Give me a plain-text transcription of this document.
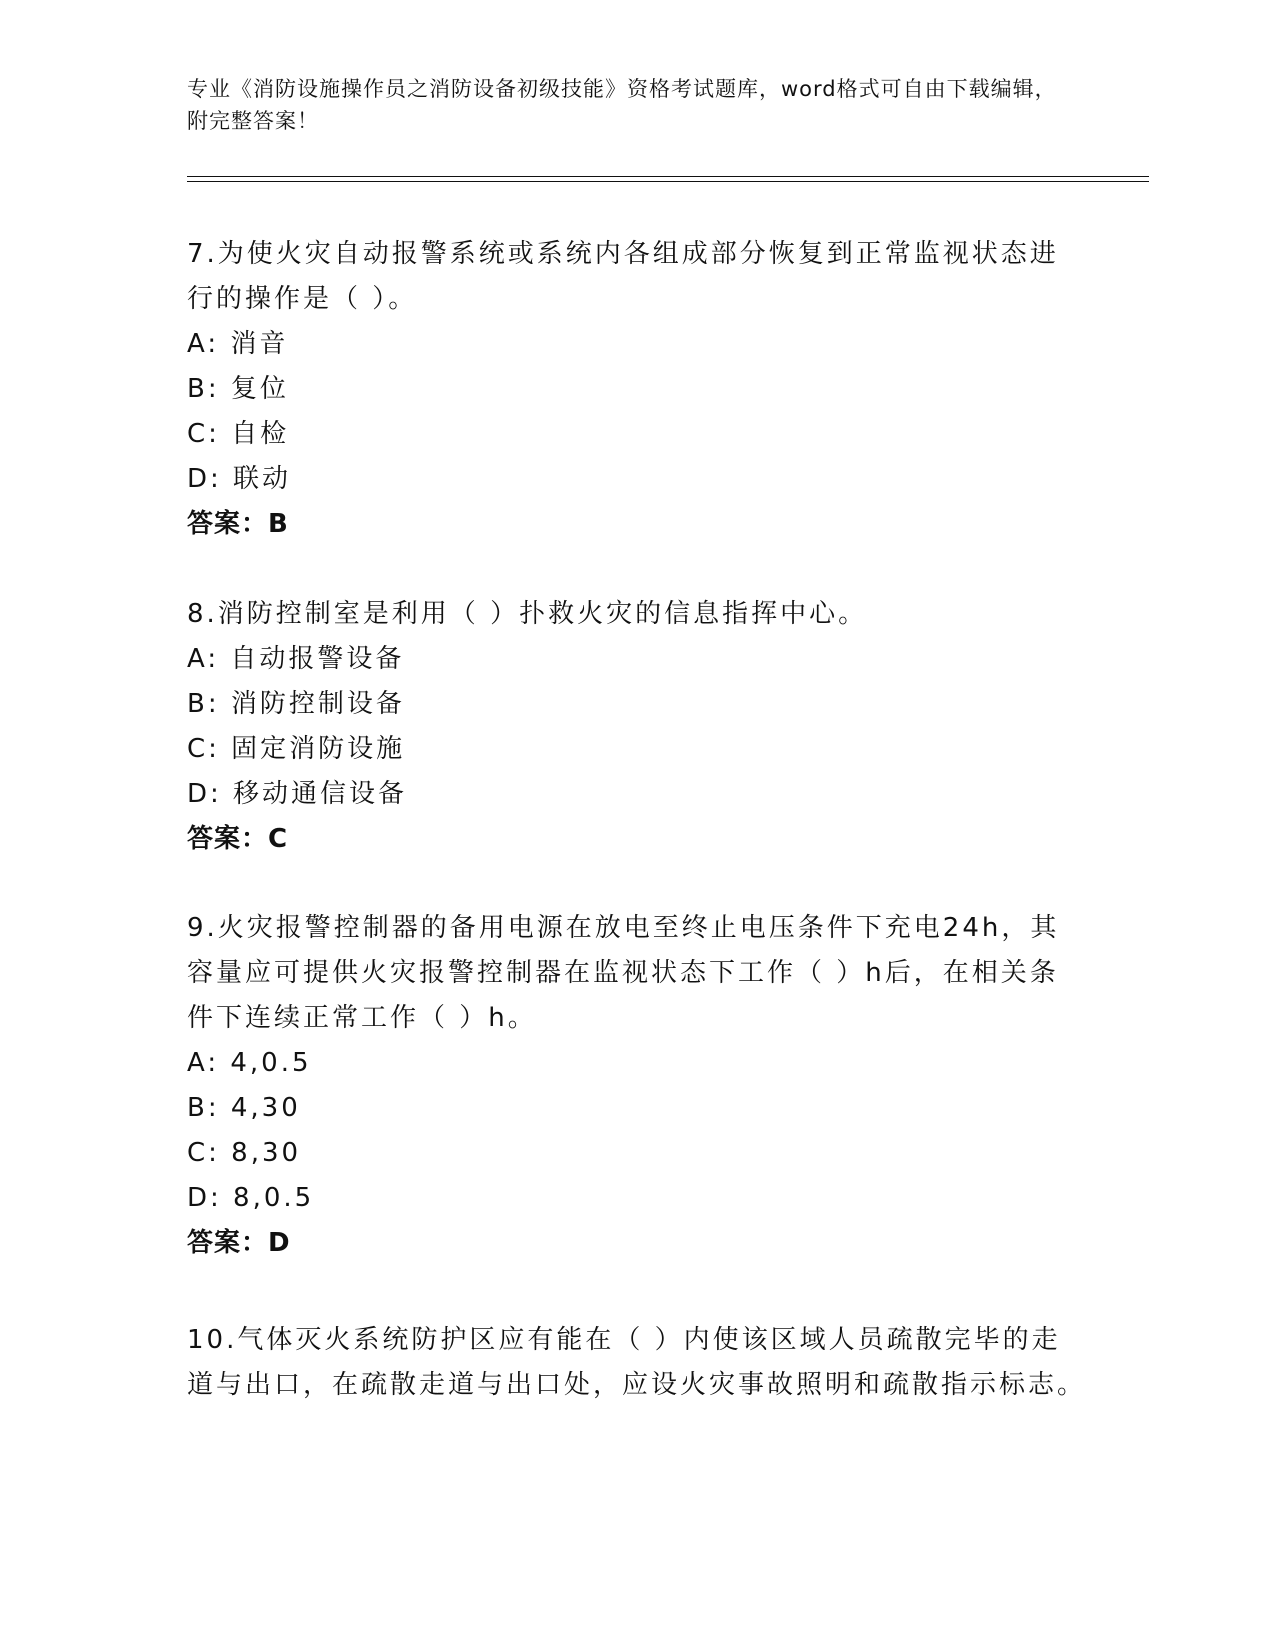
专业《消防设施操作员之消防设备初级技能》资格考试题库，word格式可自由下载编辑，附完整答案！
7.为使火灾自动报警系统或系统内各组成部分恢复到正常监视状态进行的操作是（ ）。
A: 消音
B: 复位
C: 自检
D: 联动
答案：B
8.消防控制室是利用（ ）扑救火灾的信息指挥中心。
A: 自动报警设备
B: 消防控制设备
C: 固定消防设施
D: 移动通信设备
答案：C
9.火灾报警控制器的备用电源在放电至终止电压条件下充电24h，其容量应可提供火灾报警控制器在监视状态下工作（ ）h后，在相关条件下连续正常工作（ ）h。
A: 4,0.5
B: 4,30
C: 8,30
D: 8,0.5
答案：D
10.气体灭火系统防护区应有能在（ ）内使该区域人员疏散完毕的走道与出口，在疏散走道与出口处，应设火灾事故照明和疏散指示标志。
